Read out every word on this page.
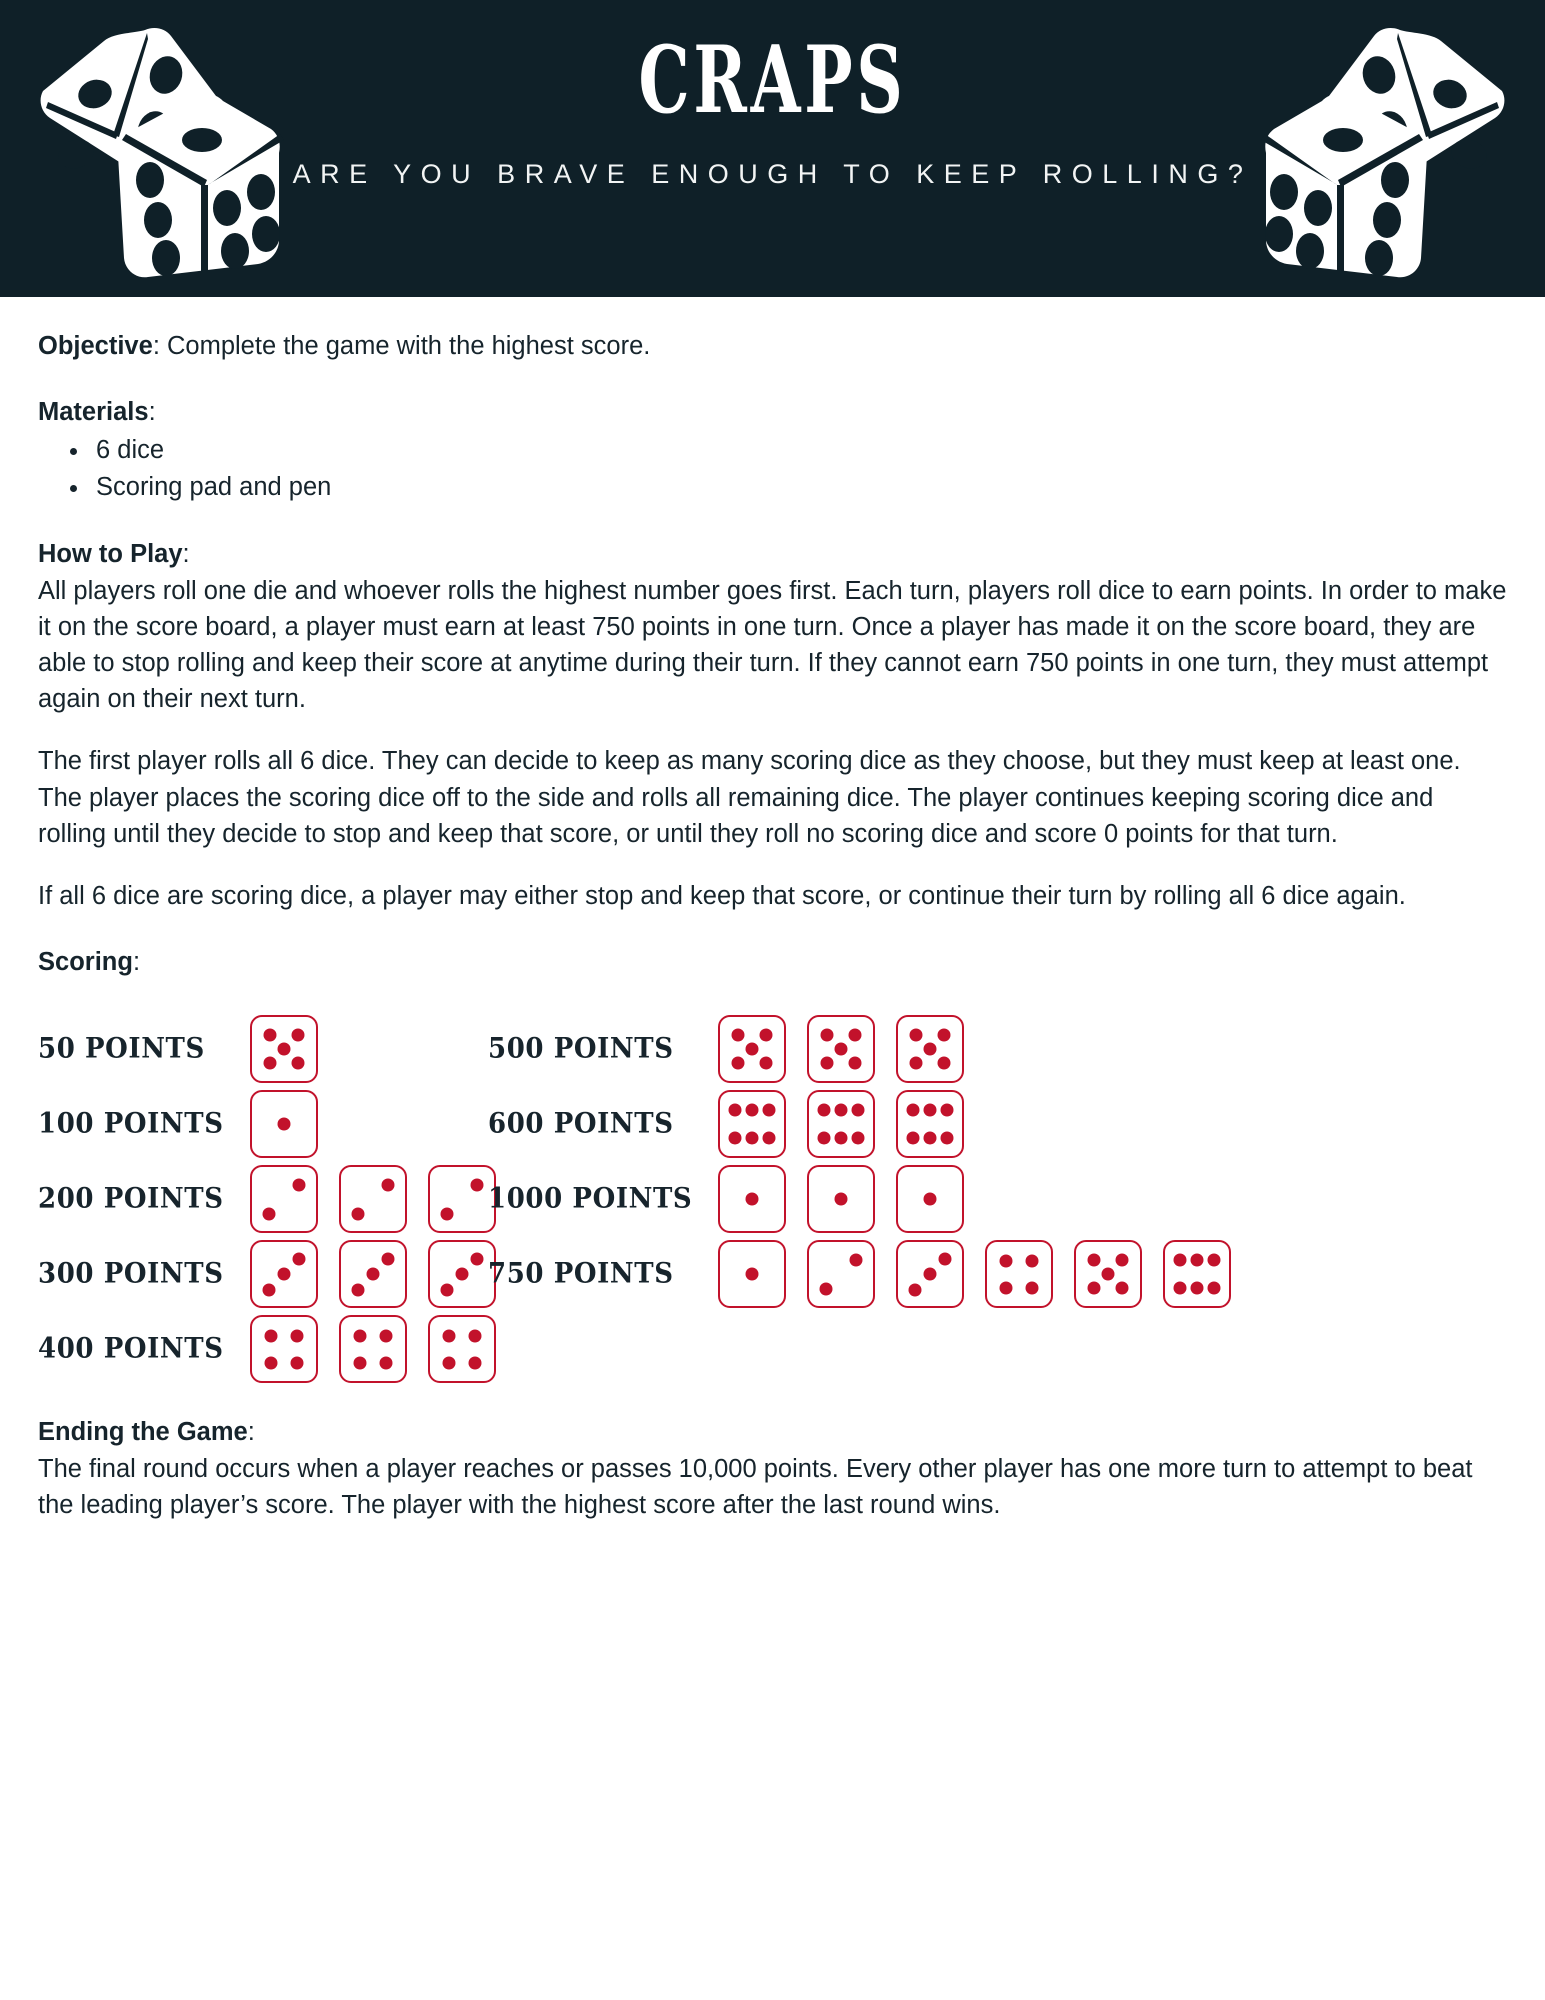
CRAPS
ARE YOU BRAVE ENOUGH TO KEEP ROLLING?
Objective: Complete the game with the highest score.
Materials:
• 6 dice
• Scoring pad and pen
How to Play:
All players roll one die and whoever rolls the highest number goes first. Each turn, players roll dice to earn points. In order to make it on the score board, a player must earn at least 750 points in one turn. Once a player has made it on the score board, they are able to stop rolling and keep their score at anytime during their turn. If they cannot earn 750 points in one turn, they must attempt again on their next turn.
The first player rolls all 6 dice. They can decide to keep as many scoring dice as they choose, but they must keep at least one. The player places the scoring dice off to the side and rolls all remaining dice. The player continues keeping scoring dice and rolling until they decide to stop and keep that score, or until they roll no scoring dice and score 0 points for that turn.
If all 6 dice are scoring dice, a player may either stop and keep that score, or continue their turn by rolling all 6 dice again.
Scoring:
50 POINTS
100 POINTS
200 POINTS
300 POINTS
400 POINTS
500 POINTS
600 POINTS
1000 POINTS
750 POINTS
Ending the Game:
The final round occurs when a player reaches or passes 10,000 points. Every other player has one more turn to attempt to beat the leading player’s score. The player with the highest score after the last round wins.
